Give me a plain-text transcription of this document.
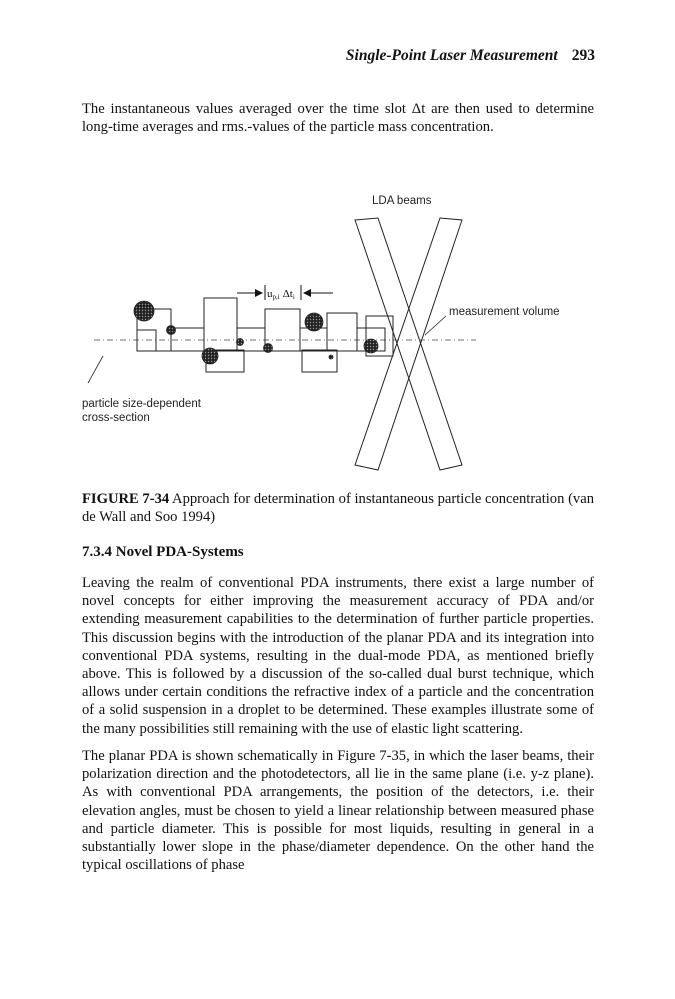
Single-Point Laser Measurement 293

The instantaneous values averaged over the time slot Δt are then used to determine long-time averages and rms.-values of the particle mass concentration.

LDA beams
measurement volume
up,i Δti
particle size-dependent
cross-section

FIGURE 7-34 Approach for determination of instantaneous particle concentration (van de Wall and Soo 1994)

7.3.4 Novel PDA-Systems

Leaving the realm of conventional PDA instruments, there exist a large number of novel concepts for either improving the measurement accuracy of PDA and/or extending measurement capabilities to the determination of further particle properties. This discussion begins with the introduction of the planar PDA and its integration into conventional PDA systems, resulting in the dual-mode PDA, as mentioned briefly above. This is followed by a discussion of the so-called dual burst technique, which allows under certain conditions the refractive index of a particle and the concentration of a solid suspension in a droplet to be determined. These examples illustrate some of the many possibilities still remaining with the use of elastic light scattering.

The planar PDA is shown schematically in Figure 7-35, in which the laser beams, their polarization direction and the photodetectors, all lie in the same plane (i.e. y-z plane). As with conventional PDA arrangements, the position of the detectors, i.e. their elevation angles, must be chosen to yield a linear relationship between measured phase and particle diameter. This is possible for most liquids, resulting in general in a substantially lower slope in the phase/diameter dependence. On the other hand the typical oscillations of phase
